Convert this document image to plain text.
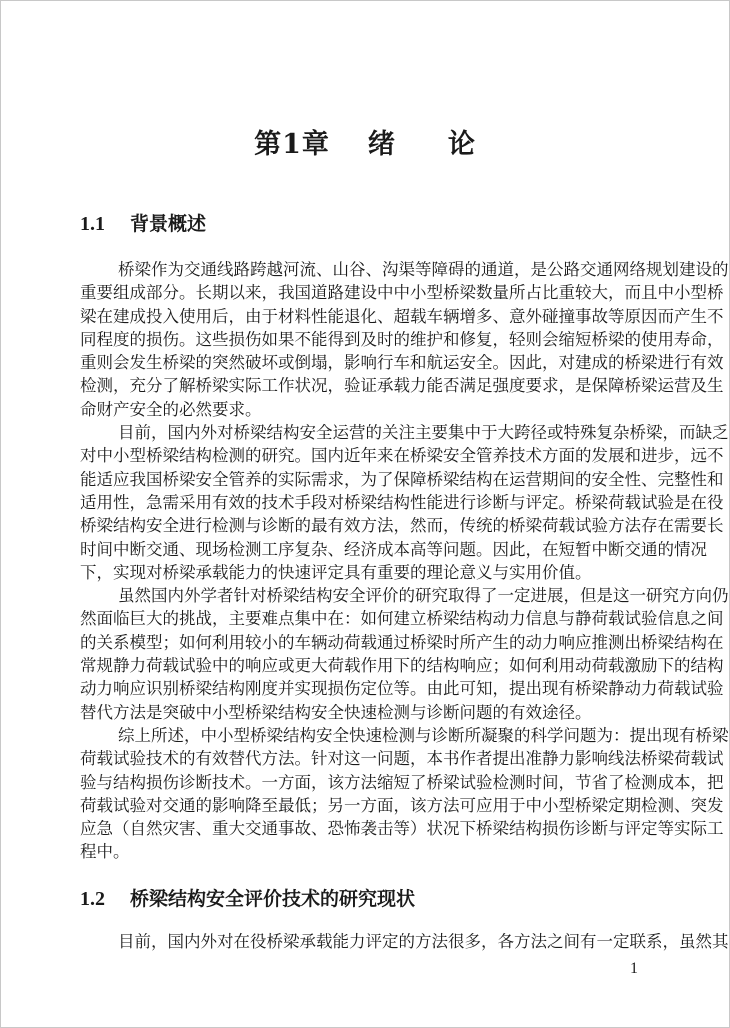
第1章 绪 论
1.1 背景概述
桥梁作为交通线路跨越河流、山谷、沟渠等障碍的通道，是公路交通网络规划建设的
重要组成部分。长期以来，我国道路建设中中小型桥梁数量所占比重较大，而且中小型桥
梁在建成投入使用后，由于材料性能退化、超载车辆增多、意外碰撞事故等原因而产生不
同程度的损伤。这些损伤如果不能得到及时的维护和修复，轻则会缩短桥梁的使用寿命，
重则会发生桥梁的突然破坏或倒塌，影响行车和航运安全。因此，对建成的桥梁进行有效
检测，充分了解桥梁实际工作状况，验证承载力能否满足强度要求，是保障桥梁运营及生
命财产安全的必然要求。
目前，国内外对桥梁结构安全运营的关注主要集中于大跨径或特殊复杂桥梁，而缺乏
对中小型桥梁结构检测的研究。国内近年来在桥梁安全管养技术方面的发展和进步，远不
能适应我国桥梁安全管养的实际需求，为了保障桥梁结构在运营期间的安全性、完整性和
适用性，急需采用有效的技术手段对桥梁结构性能进行诊断与评定。桥梁荷载试验是在役
桥梁结构安全进行检测与诊断的最有效方法，然而，传统的桥梁荷载试验方法存在需要长
时间中断交通、现场检测工序复杂、经济成本高等问题。因此，在短暂中断交通的情况
下，实现对桥梁承载能力的快速评定具有重要的理论意义与实用价值。
虽然国内外学者针对桥梁结构安全评价的研究取得了一定进展，但是这一研究方向仍
然面临巨大的挑战，主要难点集中在：如何建立桥梁结构动力信息与静荷载试验信息之间
的关系模型；如何利用较小的车辆动荷载通过桥梁时所产生的动力响应推测出桥梁结构在
常规静力荷载试验中的响应或更大荷载作用下的结构响应；如何利用动荷载激励下的结构
动力响应识别桥梁结构刚度并实现损伤定位等。由此可知，提出现有桥梁静动力荷载试验
替代方法是突破中小型桥梁结构安全快速检测与诊断问题的有效途径。
综上所述，中小型桥梁结构安全快速检测与诊断所凝聚的科学问题为：提出现有桥梁
荷载试验技术的有效替代方法。针对这一问题，本书作者提出准静力影响线法桥梁荷载试
验与结构损伤诊断技术。一方面，该方法缩短了桥梁试验检测时间，节省了检测成本，把
荷载试验对交通的影响降至最低；另一方面，该方法可应用于中小型桥梁定期检测、突发
应急（自然灾害、重大交通事故、恐怖袭击等）状况下桥梁结构损伤诊断与评定等实际工
程中。
1.2 桥梁结构安全评价技术的研究现状
目前，国内外对在役桥梁承载能力评定的方法很多，各方法之间有一定联系，虽然其
1
